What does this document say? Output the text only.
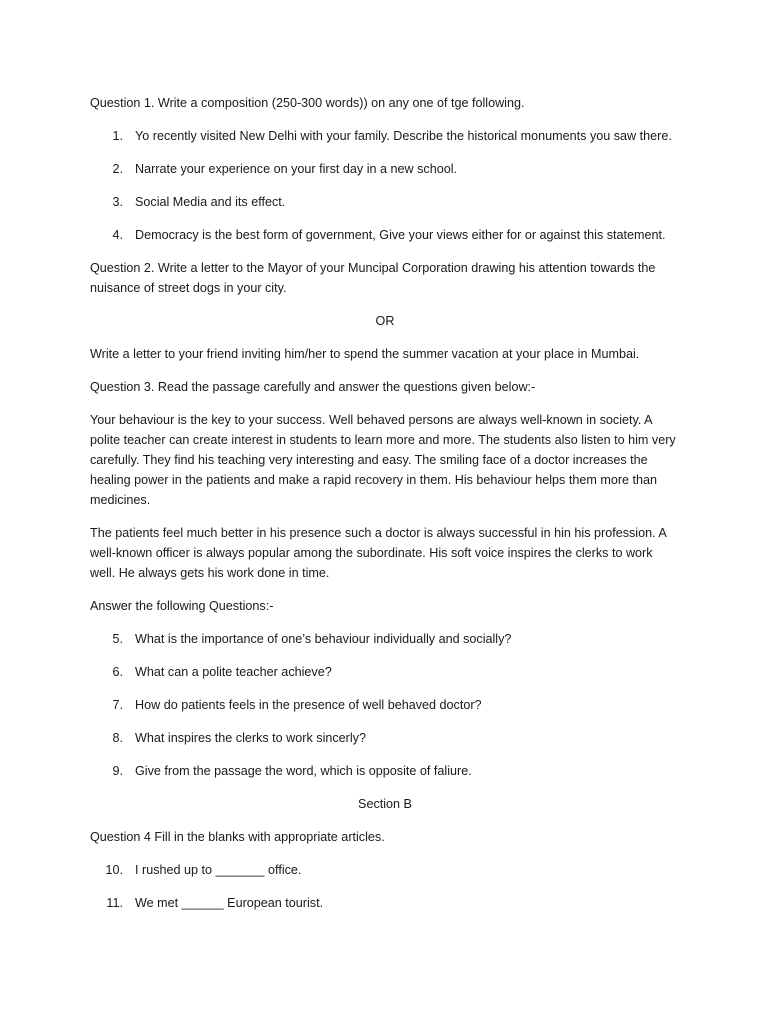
Question 1. Write a composition (250-300 words)) on any one of tge following.

1. Yo recently visited New Delhi with your family. Describe the historical monuments you saw there.
2. Narrate your experience on your first day in a new school.
3. Social Media and its effect.
4. Democracy is the best form of government, Give your views either for or against this statement.

Question 2. Write a letter to the Mayor of your Muncipal Corporation drawing his attention towards the nuisance of street dogs in your city.

OR

Write a letter to your friend inviting him/her to spend the summer vacation at your place in Mumbai.

Question 3. Read the passage carefully and answer the questions given below:-

Your behaviour is the key to your success. Well behaved persons are always well-known in society. A polite teacher can create interest in students to learn more and more. The students also listen to him very carefully. They find his teaching very interesting and easy. The smiling face of a doctor increases the healing power in the patients and make a rapid recovery in them. His behaviour helps them more than medicines.

The patients feel much better in his presence such a doctor is always successful in hin his profession. A well-known officer is always popular among the subordinate. His soft voice inspires the clerks to work well. He always gets his work done in time.

Answer the following Questions:-

5. What is the importance of one’s behaviour individually and socially?
6. What can a polite teacher achieve?
7. How do patients feels in the presence of well behaved doctor?
8. What inspires the clerks to work sincerly?
9. Give from the passage the word, which is opposite of faliure.

Section B

Question 4 Fill in the blanks with appropriate articles.

10. I rushed up to _______ office.
11. We met ______ European tourist.
